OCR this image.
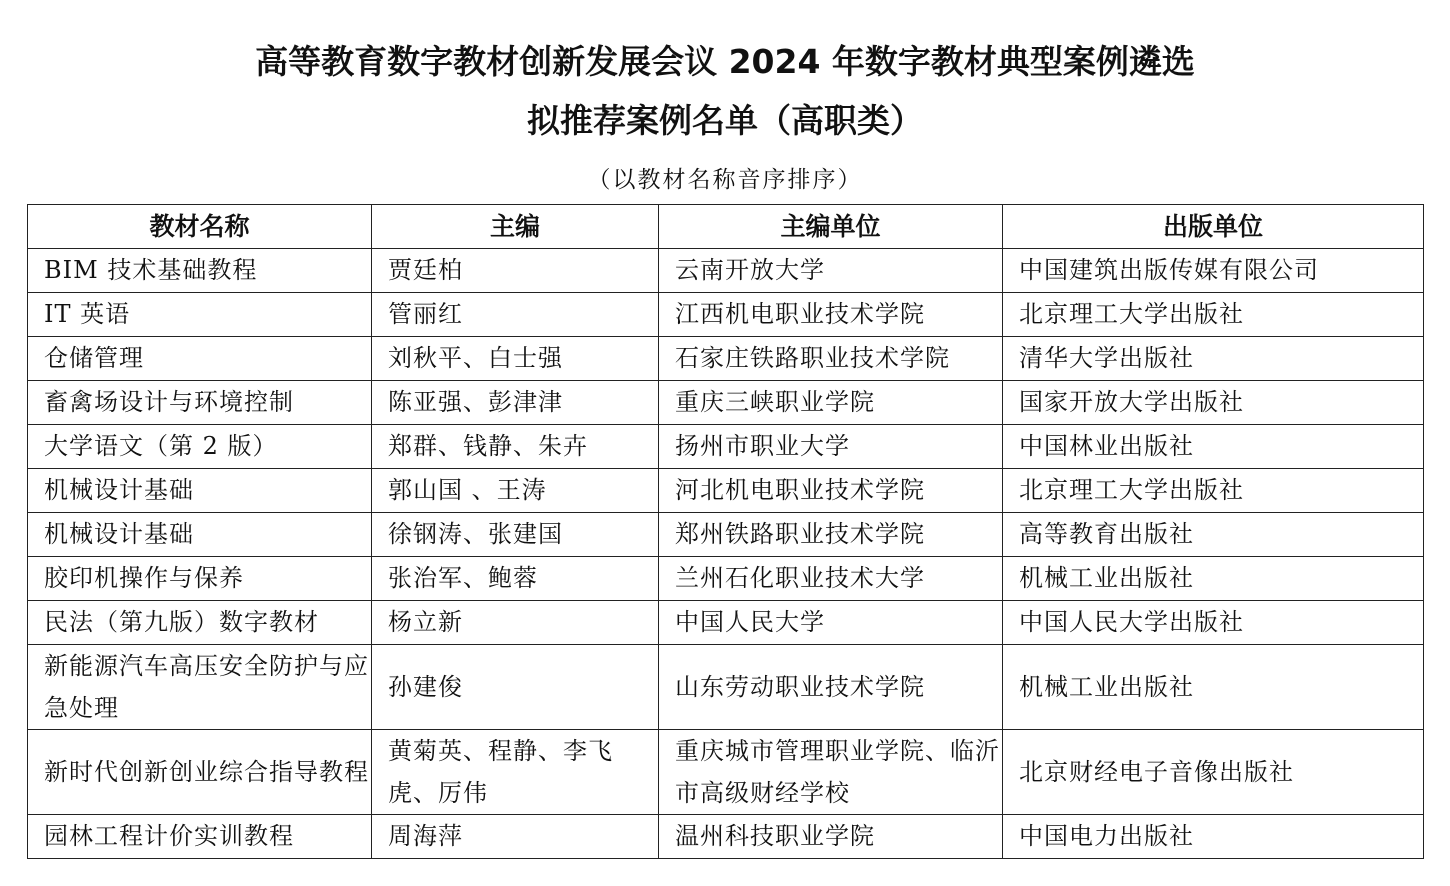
高等教育数字教材创新发展会议 2024 年数字教材典型案例遴选
拟推荐案例名单（高职类）
（以教材名称音序排序）
教材名称	主编	主编单位	出版单位
BIM 技术基础教程	贾廷柏	云南开放大学	中国建筑出版传媒有限公司
IT 英语	管丽红	江西机电职业技术学院	北京理工大学出版社
仓储管理	刘秋平、白士强	石家庄铁路职业技术学院	清华大学出版社
畜禽场设计与环境控制	陈亚强、彭津津	重庆三峡职业学院	国家开放大学出版社
大学语文（第 2 版）	郑群、钱静、朱卉	扬州市职业大学	中国林业出版社
机械设计基础	郭山国 、王涛	河北机电职业技术学院	北京理工大学出版社
机械设计基础	徐钢涛、张建国	郑州铁路职业技术学院	高等教育出版社
胶印机操作与保养	张治军、鲍蓉	兰州石化职业技术大学	机械工业出版社
民法（第九版）数字教材	杨立新	中国人民大学	中国人民大学出版社
新能源汽车高压安全防护与应急处理	孙建俊	山东劳动职业技术学院	机械工业出版社
新时代创新创业综合指导教程	黄菊英、程静、李飞虎、厉伟	重庆城市管理职业学院、临沂市高级财经学校	北京财经电子音像出版社
园林工程计价实训教程	周海萍	温州科技职业学院	中国电力出版社
